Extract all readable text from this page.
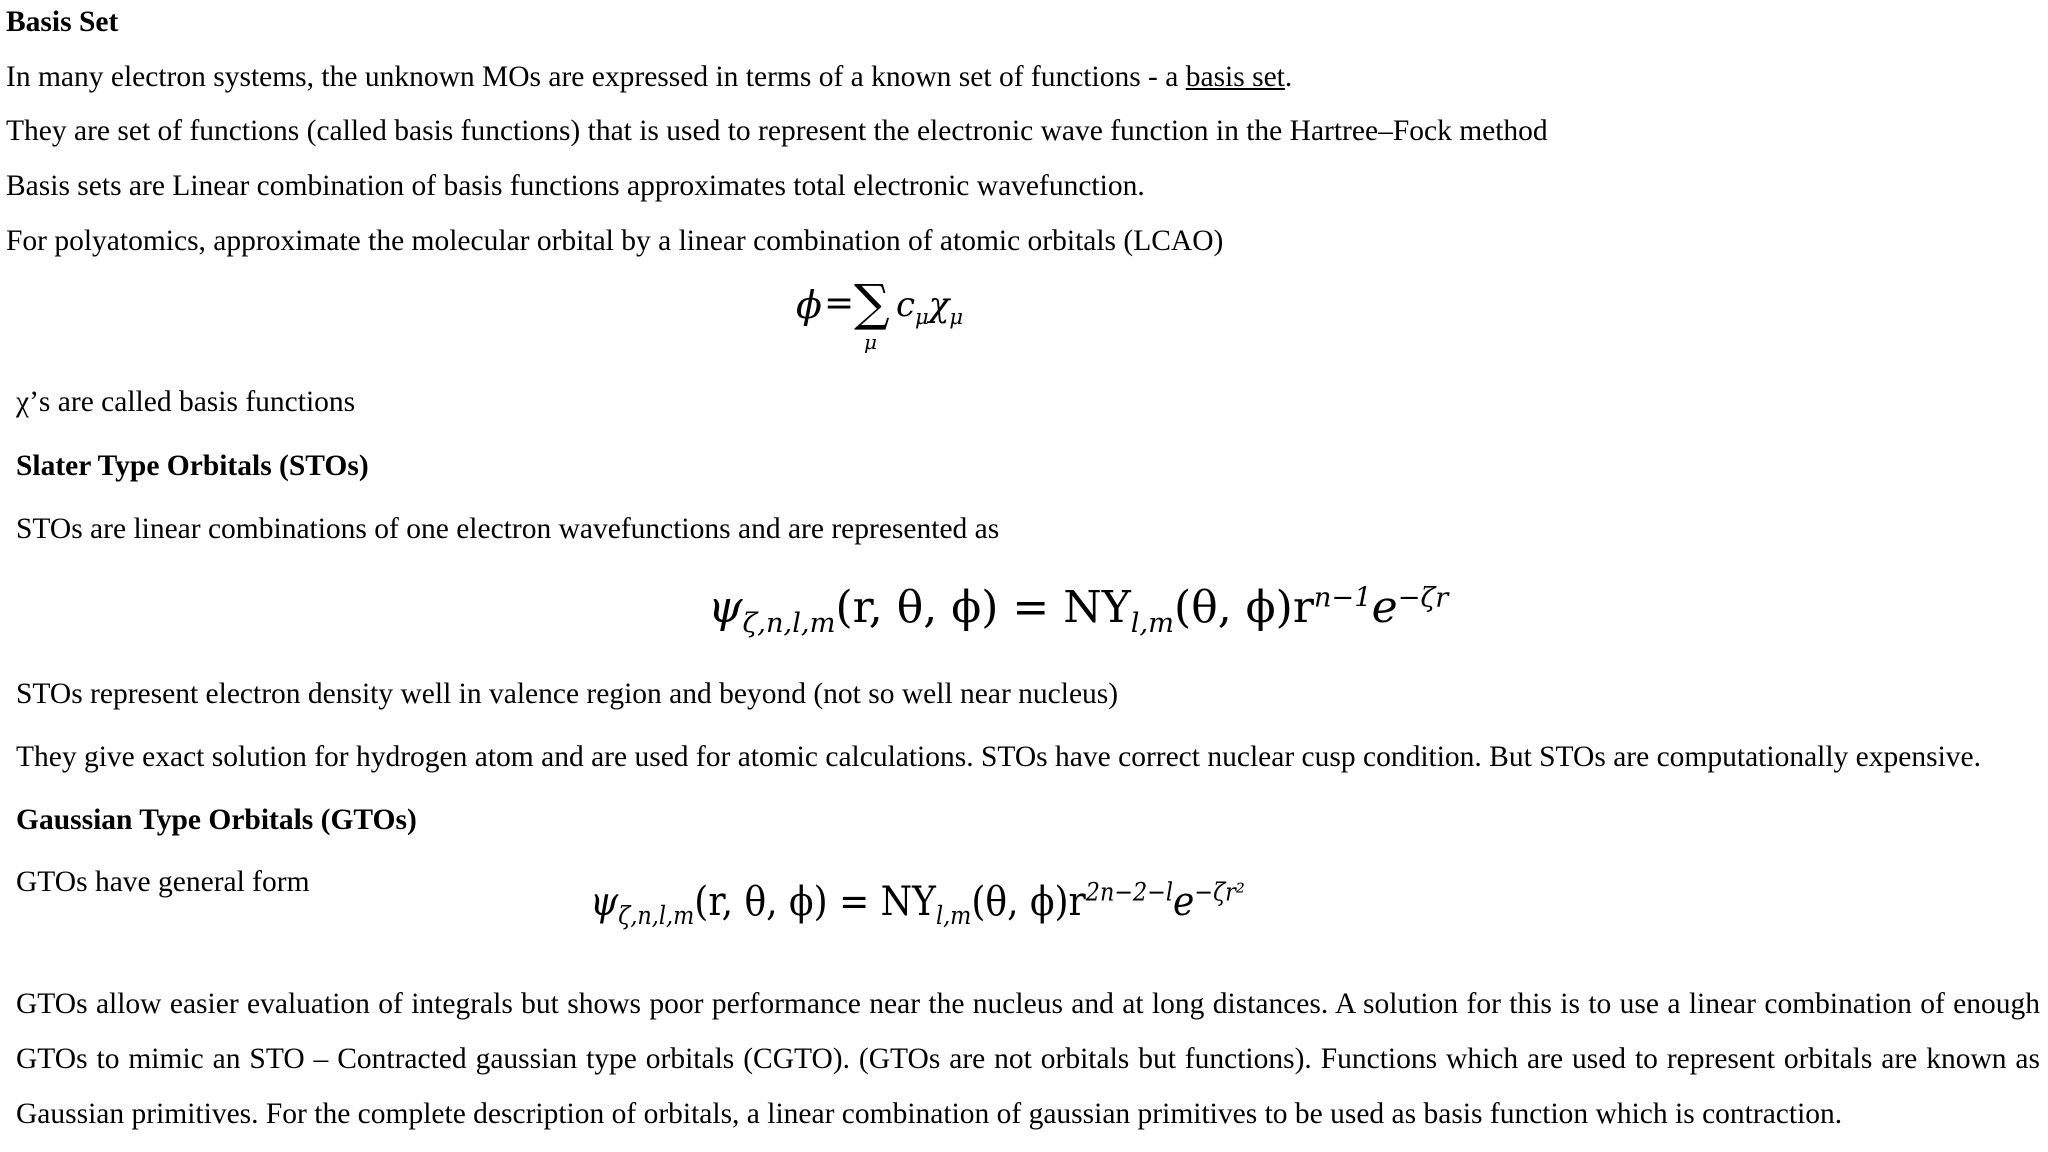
Basis Set
In many electron systems, the unknown MOs are expressed in terms of a known set of functions - a basis set.
They are set of functions (called basis functions) that is used to represent the electronic wave function in the Hartree–Fock method
Basis sets are Linear combination of basis functions approximates total electronic wavefunction.
For polyatomics, approximate the molecular orbital by a linear combination of atomic orbitals (LCAO)
ϕ = ∑
μ
$c_\mu\chi_\mu$
χ’s are called basis functions
Slater Type Orbitals (STOs)
STOs are linear combinations of one electron wavefunctions and are represented as
$\psi_{\zeta,n,l,m}(r$, θ, $\phi) = NY_{l,m}(\theta$, $\phi)r^{n-1}e^{-\zeta r}$
STOs represent electron density well in valence region and beyond (not so well near nucleus)
They give exact solution for hydrogen atom and are used for atomic calculations. STOs have correct nuclear cusp condition. But STOs are computationally expensive.
Gaussian Type Orbitals (GTOs)
GTOs have general form	$\psi_{\zeta,n,l,m}(r$, θ, $\phi) = NY_{l,m}(\theta$, $\phi)r^{2n-2-l}e^{-\zeta r^2}$
GTOs allow easier evaluation of integrals but shows poor performance near the nucleus and at long distances. A solution for this is to use a linear combination of enough GTOs to mimic an STO – Contracted gaussian type orbitals (CGTO). (GTOs are not orbitals but functions). Functions which are used to represent orbitals are known as Gaussian primitives. For the complete description of orbitals, a linear combination of gaussian primitives to be used as basis function which is contraction.
